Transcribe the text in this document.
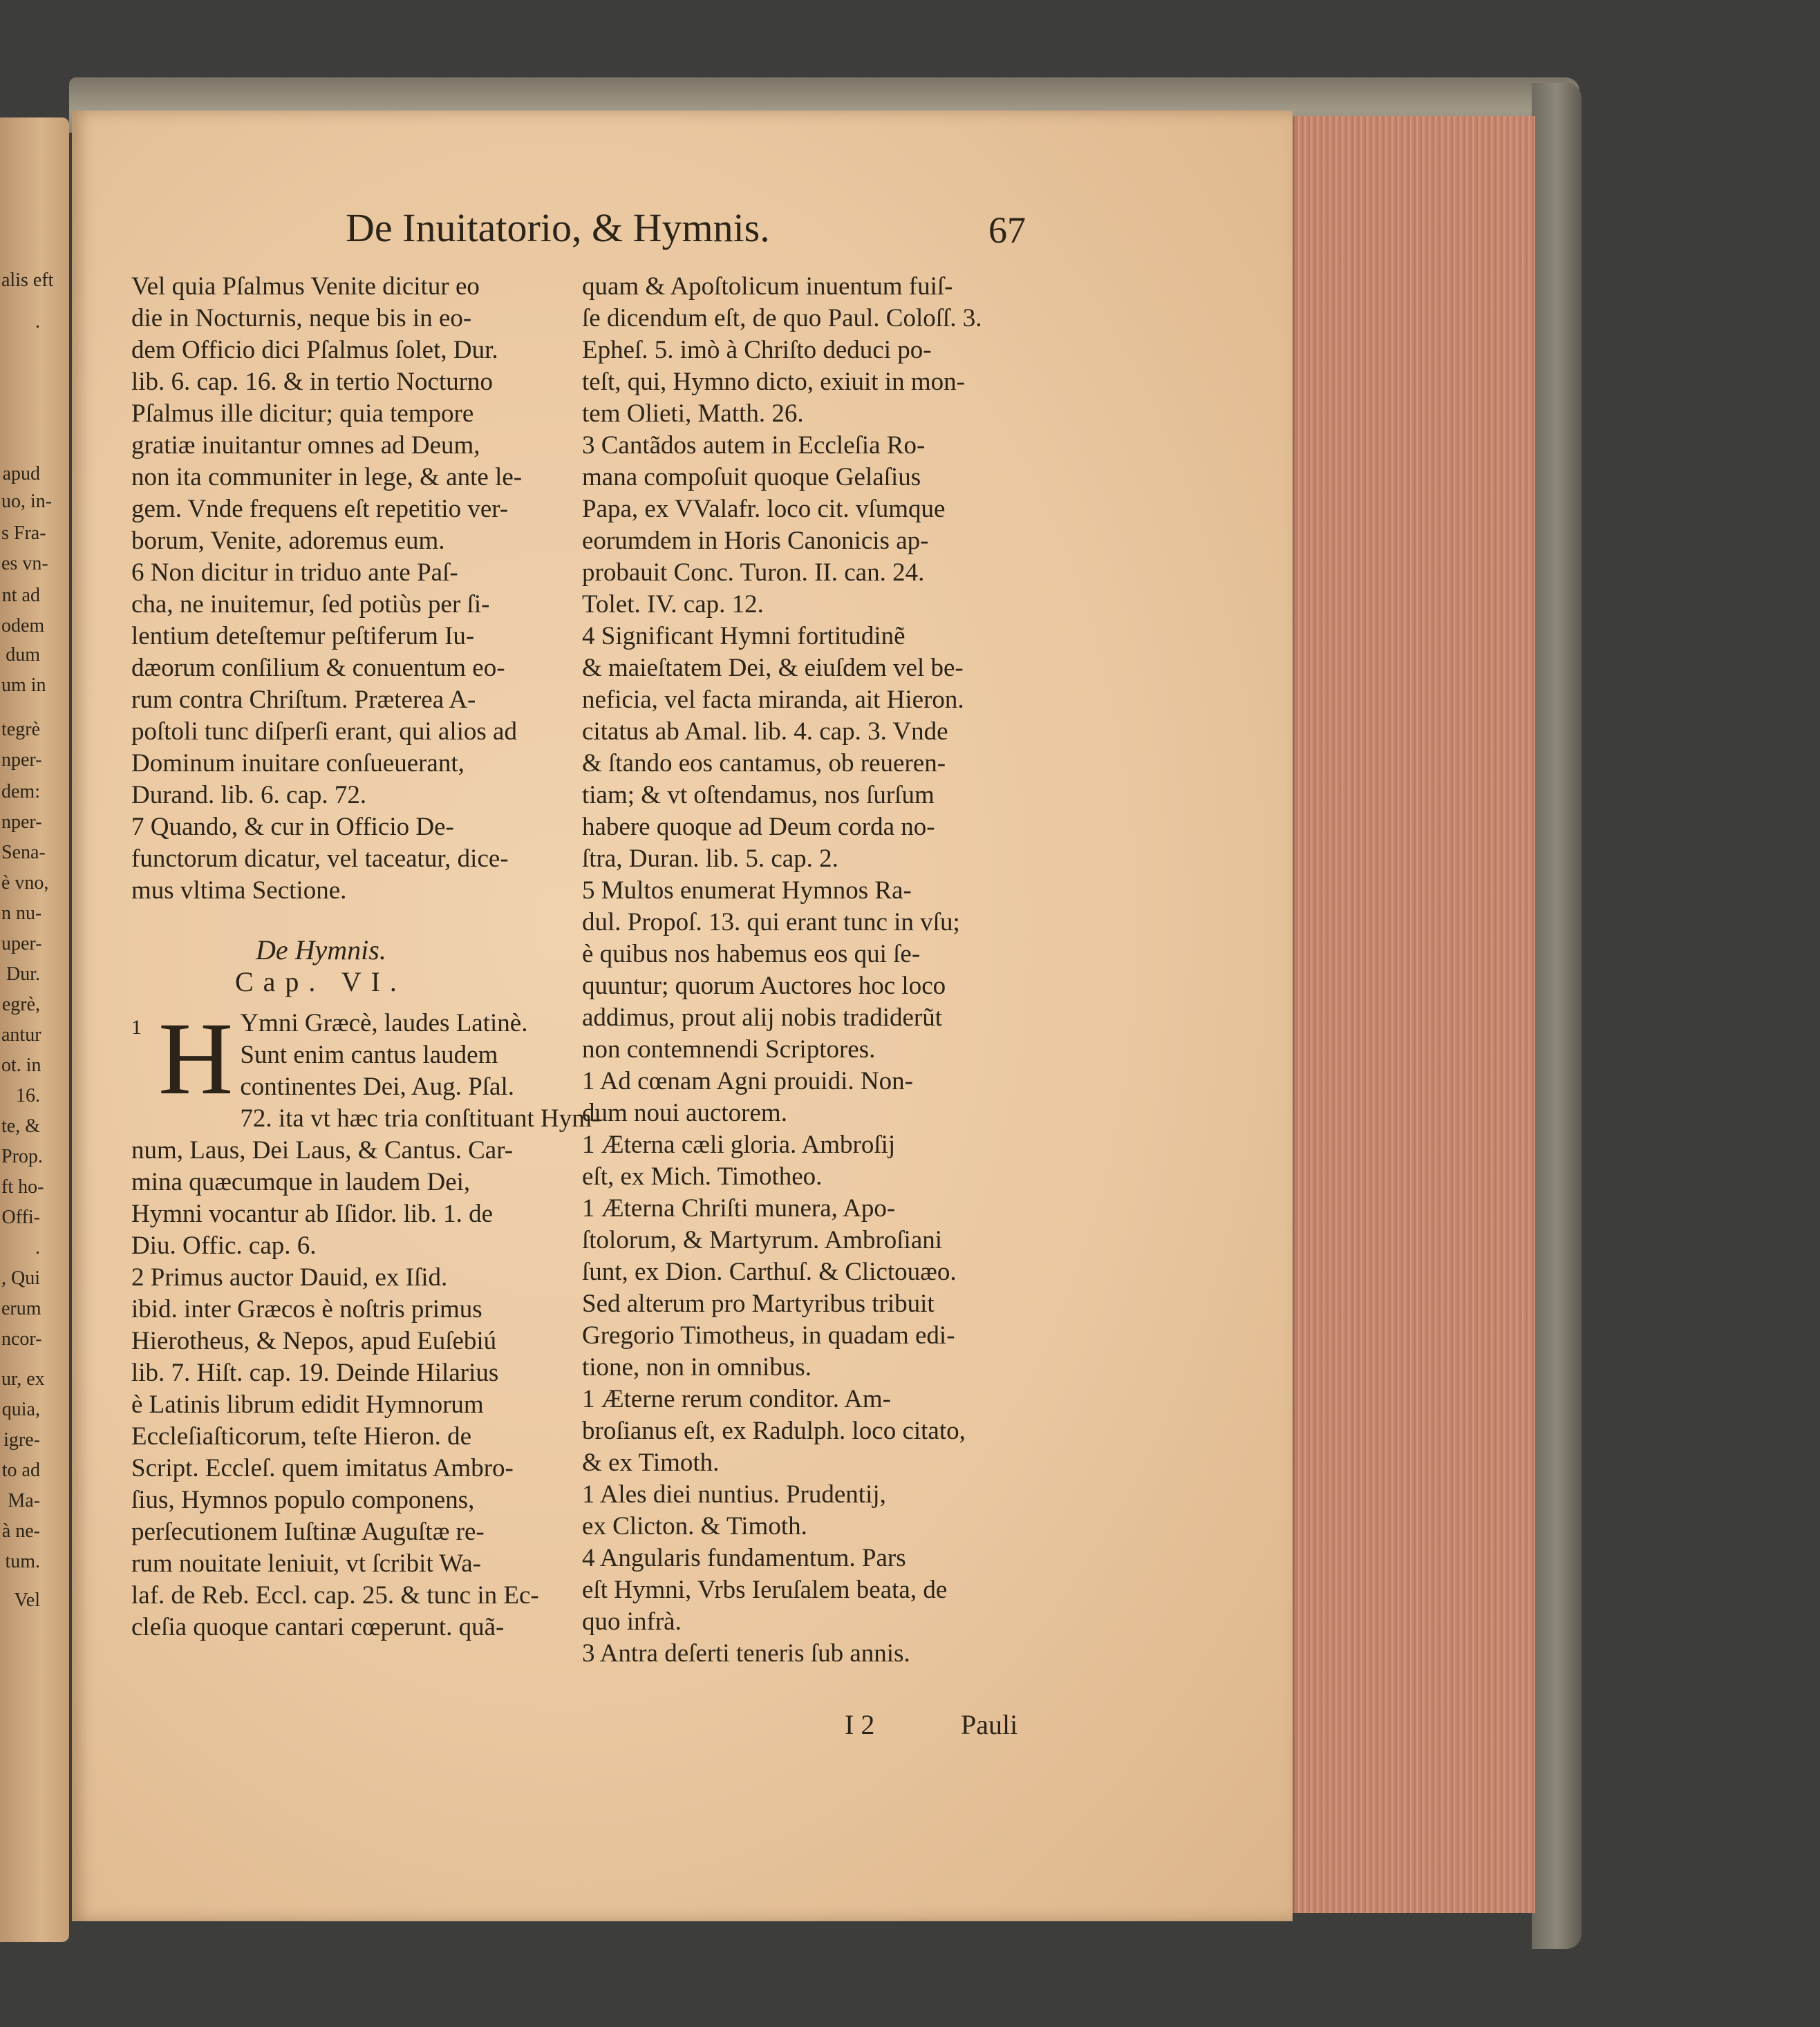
alis eft
.
apud
uo, in-
s Fra-
es vn-
nt ad
odem
dum
um in
tegrè
nper-
dem:
nper-
Sena-
è vno,
n nu-
uper-
Dur.
egrè,
antur
ot. in
16.
te, &
Prop.
ft ho-
Offi-
.
, Qui
erum
ncor-
ur, ex
quia,
igre-
to ad
Ma-
à ne-
tum.
Vel
De Inuitatorio, & Hymnis.	67
Vel quia Pſalmus Venite dicitur eo
die in Nocturnis, neque bis in eo-
dem Officio dici Pſalmus ſolet, Dur.
lib. 6. cap. 16. & in tertio Nocturno
Pſalmus ille dicitur; quia tempore
gratiæ inuitantur omnes ad Deum,
non ita communiter in lege, & ante le-
gem. Vnde frequens eſt repetitio ver-
borum, Venite, adoremus eum.
6 Non dicitur in triduo ante Paſ-
cha, ne inuitemur, ſed potiùs per ſi-
lentium deteſtemur peſtiferum Iu-
dæorum conſilium & conuentum eo-
rum contra Chriſtum. Præterea A-
poſtoli tunc diſperſi erant, qui alios ad
Dominum inuitare conſueuerant,
Durand. lib. 6. cap. 72.
7 Quando, & cur in Officio De-
functorum dicatur, vel taceatur, dice-
mus vltima Sectione.
De Hymnis.
Cap. VI.
1 H Ymni Græcè, laudes Latinè.
Sunt enim cantus laudem
continentes Dei, Aug. Pſal.
72. ita vt hæc tria conſtituant Hym-
num, Laus, Dei Laus, & Cantus. Car-
mina quæcumque in laudem Dei,
Hymni vocantur ab Iſidor. lib. 1. de
Diu. Offic. cap. 6.
2 Primus auctor Dauid, ex Iſid.
ibid. inter Græcos è noſtris primus
Hierotheus, & Nepos, apud Euſebiú
lib. 7. Hiſt. cap. 19. Deinde Hilarius
è Latinis librum edidit Hymnorum
Eccleſiaſticorum, teſte Hieron. de
Script. Eccleſ. quem imitatus Ambro-
ſius, Hymnos populo componens,
perſecutionem Iuſtinæ Auguſtæ re-
rum nouitate leniuit, vt ſcribit Wa-
laf. de Reb. Eccl. cap. 25. & tunc in Ec-
cleſia quoque cantari cœperunt. quã-
quam & Apoſtolicum inuentum fuiſ-
ſe dicendum eſt, de quo Paul. Coloſſ. 3.
Epheſ. 5. imò à Chriſto deduci po-
teſt, qui, Hymno dicto, exiuit in mon-
tem Olieti, Matth. 26.
3 Cantãdos autem in Eccleſia Ro-
mana compoſuit quoque Gelaſius
Papa, ex VValafr. loco cit. vſumque
eorumdem in Horis Canonicis ap-
probauit Conc. Turon. II. can. 24.
Tolet. IV. cap. 12.
4 Significant Hymni fortitudinẽ
& maieſtatem Dei, & eiuſdem vel be-
neficia, vel facta miranda, ait Hieron.
citatus ab Amal. lib. 4. cap. 3. Vnde
& ſtando eos cantamus, ob reueren-
tiam; & vt oſtendamus, nos ſurſum
habere quoque ad Deum corda no-
ſtra, Duran. lib. 5. cap. 2.
5 Multos enumerat Hymnos Ra-
dul. Propoſ. 13. qui erant tunc in vſu;
è quibus nos habemus eos qui ſe-
quuntur; quorum Auctores hoc loco
addimus, prout alij nobis tradiderũt
non contemnendi Scriptores.
1 Ad cœnam Agni prouidi. Non-
dum noui auctorem.
1 Æterna cæli gloria. Ambroſij
eſt, ex Mich. Timotheo.
1 Æterna Chriſti munera, Apo-
ſtolorum, & Martyrum. Ambroſiani
ſunt, ex Dion. Carthuſ. & Clictouæo.
Sed alterum pro Martyribus tribuit
Gregorio Timotheus, in quadam edi-
tione, non in omnibus.
1 Æterne rerum conditor. Am-
broſianus eſt, ex Radulph. loco citato,
& ex Timoth.
1 Ales diei nuntius. Prudentij,
ex Clicton. & Timoth.
4 Angularis fundamentum. Pars
eſt Hymni, Vrbs Ieruſalem beata, de
quo infrà.
3 Antra deſerti teneris ſub annis.
I 2	Pauli
